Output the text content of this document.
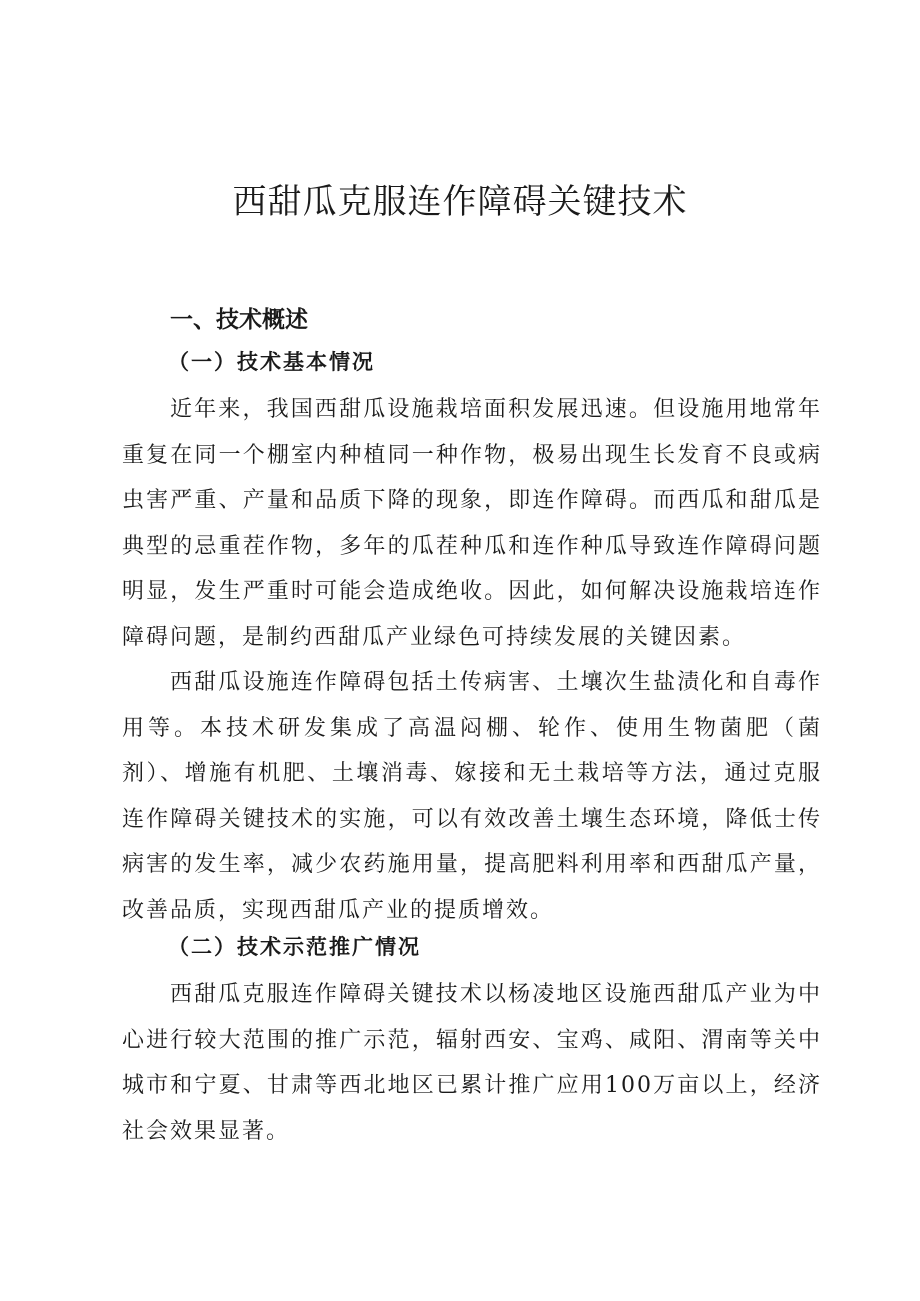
西甜瓜克服连作障碍关键技术
一、技术概述
（一）技术基本情况

近年来，我国西甜瓜设施栽培面积发展迅速。但设施用地常年重复在同一个棚室内种植同一种作物，极易出现生长发育不良或病虫害严重、产量和品质下降的现象，即连作障碍。而西瓜和甜瓜是典型的忌重茬作物，多年的瓜茬种瓜和连作种瓜导致连作障碍问题明显，发生严重时可能会造成绝收。因此，如何解决设施栽培连作障碍问题，是制约西甜瓜产业绿色可持续发展的关键因素。

西甜瓜设施连作障碍包括土传病害、土壤次生盐渍化和自毒作用等。本技术研发集成了高温闷棚、轮作、使用生物菌肥（菌剂）、增施有机肥、土壤消毒、嫁接和无土栽培等方法，通过克服连作障碍关键技术的实施，可以有效改善土壤生态环境，降低士传病害的发生率，减少农药施用量，提高肥料利用率和西甜瓜产量，改善品质，实现西甜瓜产业的提质增效。

（二）技术示范推广情况

西甜瓜克服连作障碍关键技术以杨凌地区设施西甜瓜产业为中心进行较大范围的推广示范，辐射西安、宝鸡、咸阳、渭南等关中城市和宁夏、甘肃等西北地区已累计推广应用100万亩以上，经济社会效果显著。
